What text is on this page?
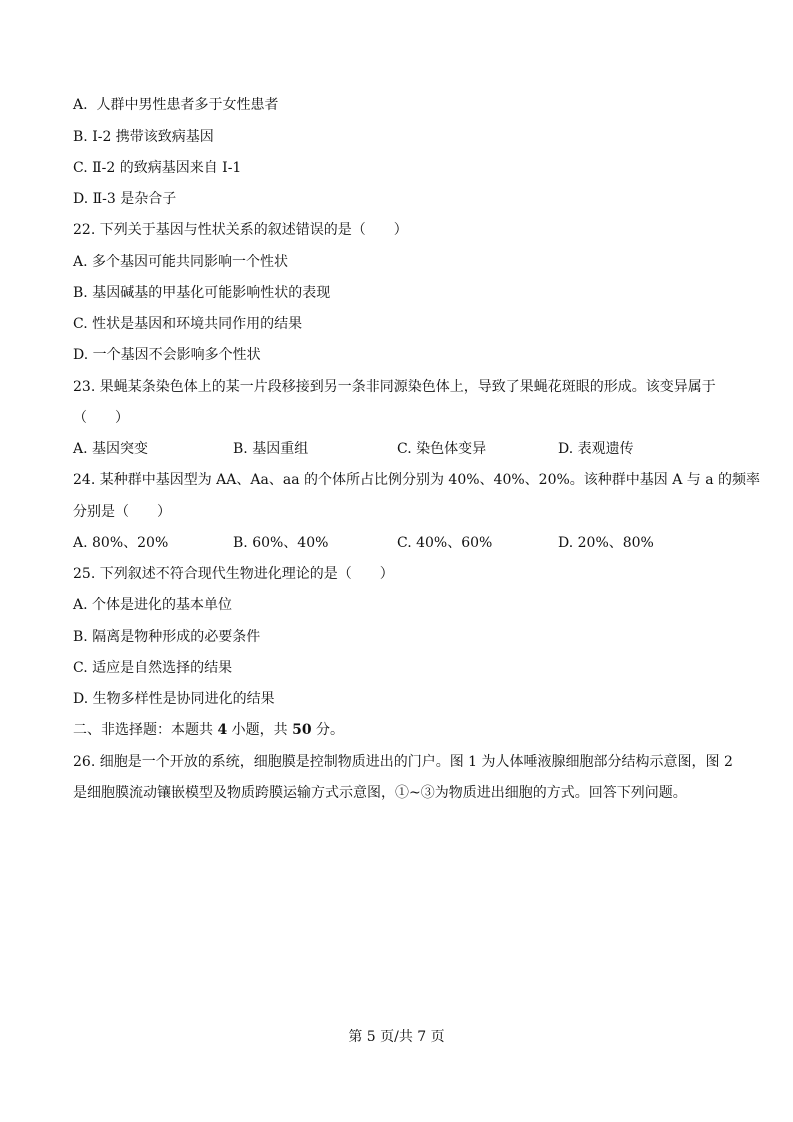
A.  人群中男性患者多于女性患者
B. I-2 携带该致病基因
C. Ⅱ-2 的致病基因来自 I-1
D. Ⅱ-3 是杂合子
22. 下列关于基因与性状关系的叙述错误的是（　　）
A. 多个基因可能共同影响一个性状
B. 基因碱基的甲基化可能影响性状的表现
C. 性状是基因和环境共同作用的结果
D. 一个基因不会影响多个性状
23. 果蝇某条染色体上的某一片段移接到另一条非同源染色体上，导致了果蝇花斑眼的形成。该变异属于
（　　）
A. 基因突变	B. 基因重组	C. 染色体变异	D. 表观遗传
24. 某种群中基因型为 AA、Aa、aa 的个体所占比例分别为 40%、40%、20%。该种群中基因 A 与 a 的频率
分别是（　　）
A. 80%、20%	B. 60%、40%	C. 40%、60%	D. 20%、80%
25. 下列叙述不符合现代生物进化理论的是（　　）
A. 个体是进化的基本单位
B. 隔离是物种形成的必要条件
C. 适应是自然选择的结果
D. 生物多样性是协同进化的结果
二、非选择题：本题共 4 小题，共 50 分。
26. 细胞是一个开放的系统，细胞膜是控制物质进出的门户。图 1 为人体唾液腺细胞部分结构示意图，图 2
是细胞膜流动镶嵌模型及物质跨膜运输方式示意图，①~③为物质进出细胞的方式。回答下列问题。
第 5 页/共 7 页
